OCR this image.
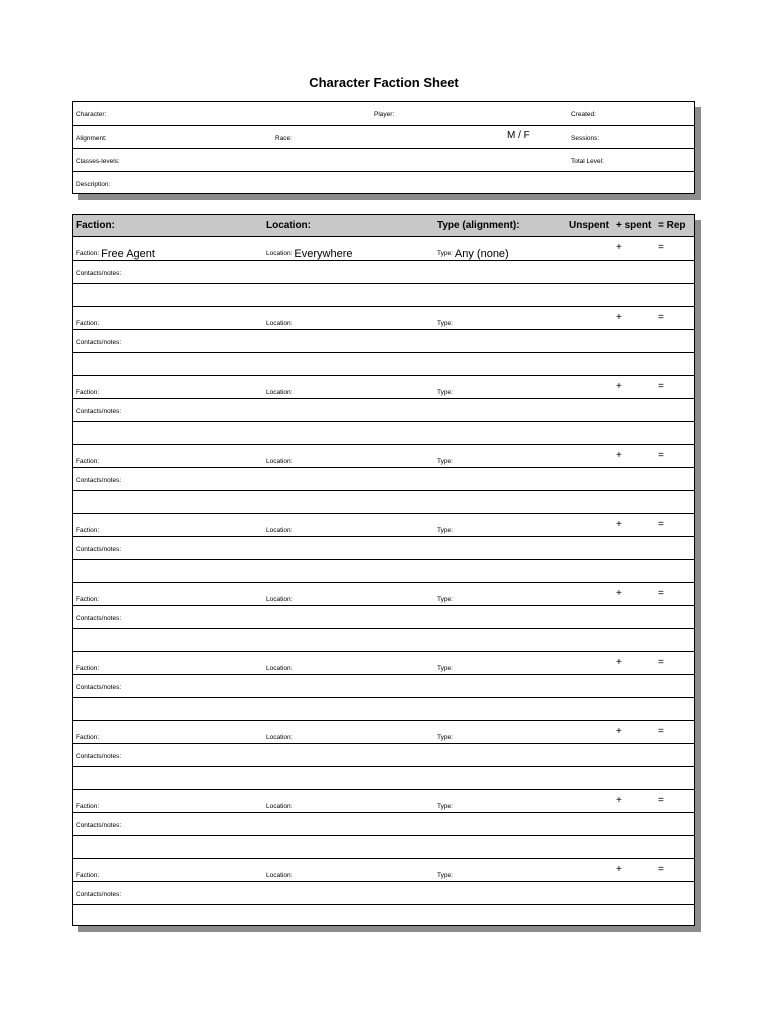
Character Faction Sheet
Character:	Player:	Created:
Alignment:	Race:	M / F	Sessions:
Classes-levels:	Total Level:
Description:
Faction:	Location:	Type (alignment):	Unspent + spent = Rep
Faction: Free Agent	Location: Everywhere	Type: Any (none)
+	=
Contacts/notes:
Faction:	Location:	Type:
+	=
Contacts/notes:
Faction:	Location:	Type:
+	=
Contacts/notes:
Faction:	Location:	Type:
+	=
Contacts/notes:
Faction:	Location:	Type:
+	=
Contacts/notes:
Faction:	Location:	Type:
+	=
Contacts/notes:
Faction:	Location:	Type:
+	=
Contacts/notes:
Faction:	Location:	Type:
+	=
Contacts/notes:
Faction:	Location:	Type:
+	=
Contacts/notes:
Faction:	Location:	Type:
+	=
Contacts/notes:
